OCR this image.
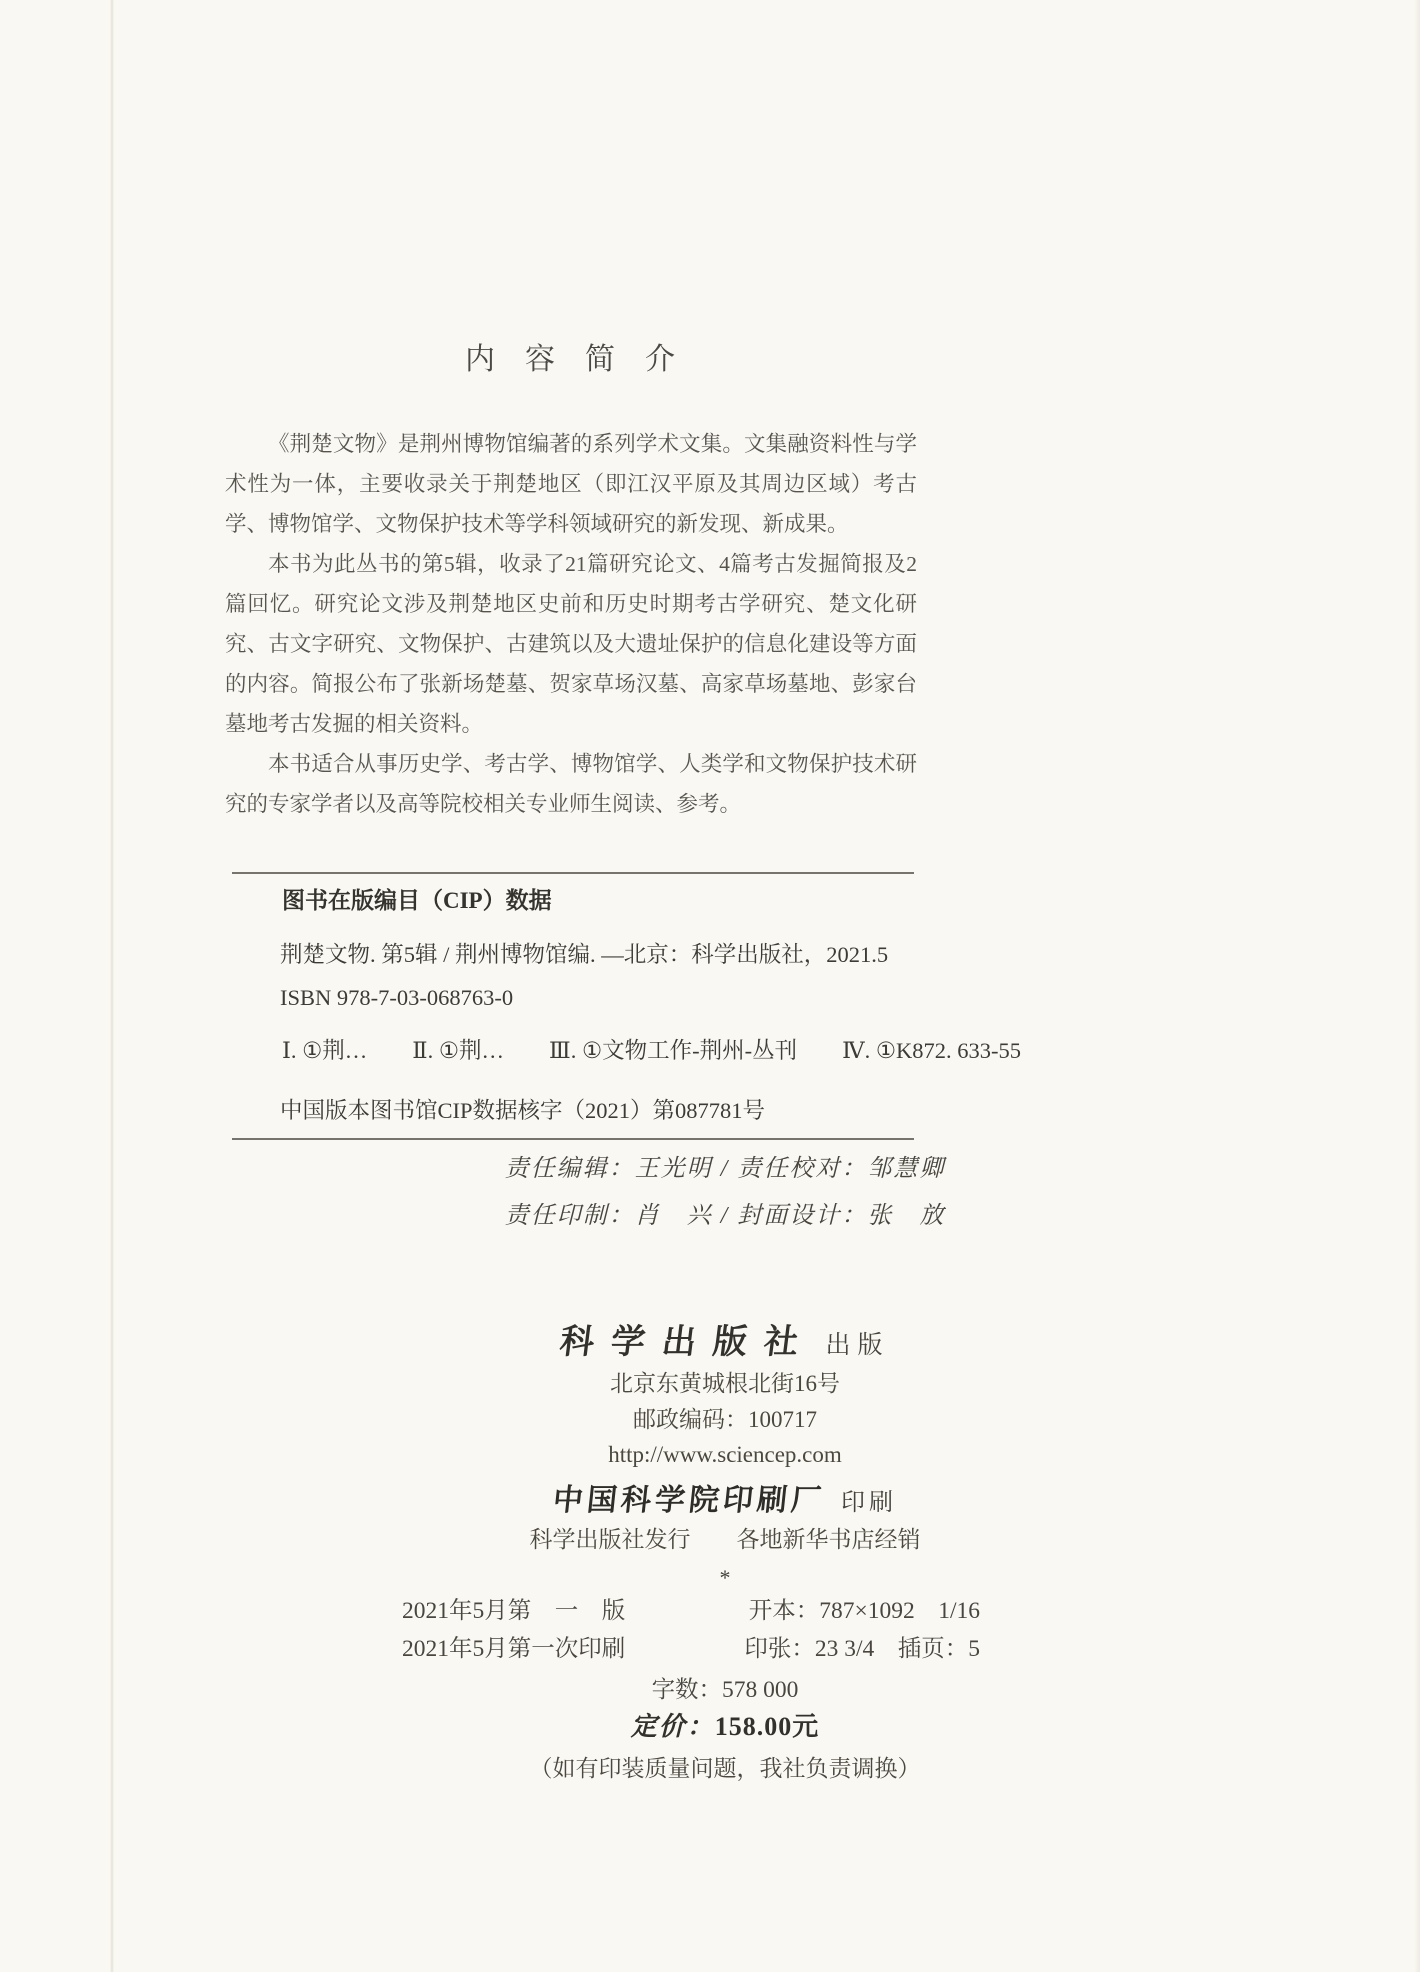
内　容　简　介

《荆楚文物》是荆州博物馆编著的系列学术文集。文集融资料性与学术性为一体，主要收录关于荆楚地区（即江汉平原及其周边区域）考古学、博物馆学、文物保护技术等学科领域研究的新发现、新成果。

本书为此丛书的第5辑，收录了21篇研究论文、4篇考古发掘简报及2篇回忆。研究论文涉及荆楚地区史前和历史时期考古学研究、楚文化研究、古文字研究、文物保护、古建筑以及大遗址保护的信息化建设等方面的内容。简报公布了张新场楚墓、贺家草场汉墓、高家草场墓地、彭家台墓地考古发掘的相关资料。

本书适合从事历史学、考古学、博物馆学、人类学和文物保护技术研究的专家学者以及高等院校相关专业师生阅读、参考。

图书在版编目（CIP）数据
荆楚文物. 第5辑 / 荆州博物馆编. —北京：科学出版社，2021.5
ISBN 978-7-03-068763-0
Ⅰ. ①荆…　　Ⅱ. ①荆…　　Ⅲ. ①文物工作-荆州-丛刊　　Ⅳ. ①K872. 633-55
中国版本图书馆CIP数据核字（2021）第087781号
责任编辑：王光明 / 责任校对：邹慧卿
责任印制：肖　兴 / 封面设计：张　放
科学出版社 出版
北京东黄城根北街16号
邮政编码：100717
http://www.sciencep.com
中国科学院印刷厂 印刷
科学出版社发行　　各地新华书店经销
*
2021年5月第　一　版	开本：787×1092　1/16
2021年5月第一次印刷	印张：23 3/4　插页：5
字数：578 000
定价：158.00元
（如有印装质量问题，我社负责调换）
